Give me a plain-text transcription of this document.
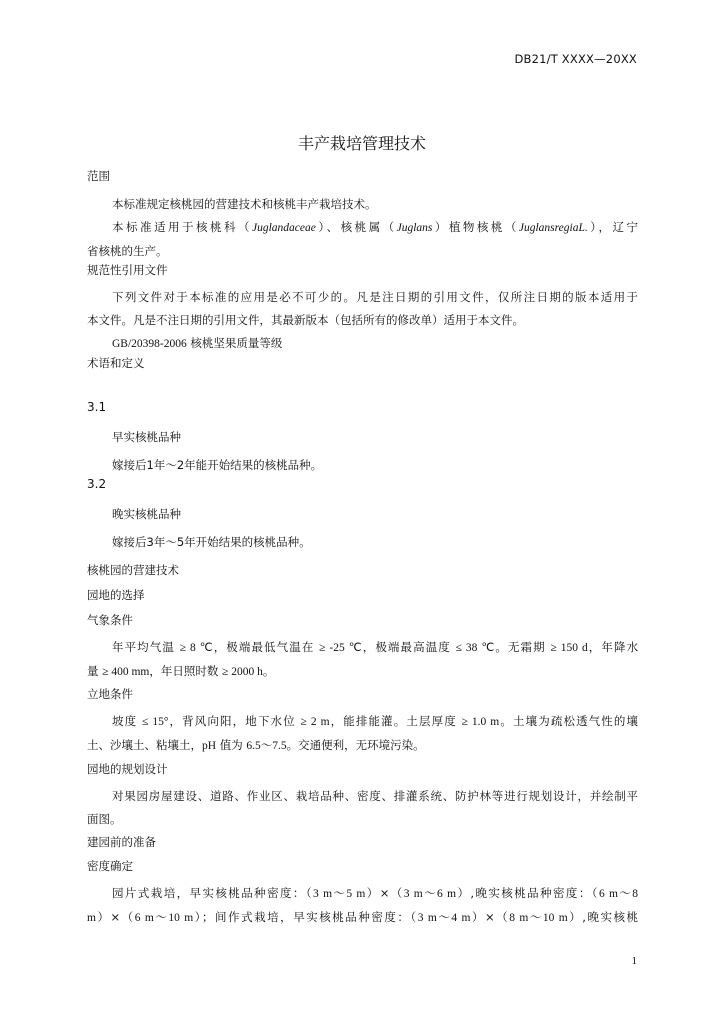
DB21/T XXXX—20XX
丰产栽培管理技术
范围
本标准规定核桃园的营建技术和核桃丰产栽培技术。
本标准适用于核桃科（Juglandaceae）、核桃属（Juglans）植物核桃（JuglansregiaL.），辽宁
省核桃的生产。
规范性引用文件
下列文件对于本标准的应用是必不可少的。凡是注日期的引用文件，仅所注日期的版本适用于
本文件。凡是不注日期的引用文件，其最新版本（包括所有的修改单）适用于本文件。
GB/20398-2006 核桃坚果质量等级
术语和定义
3.1
早实核桃品种
嫁接后1年～2年能开始结果的核桃品种。
3.2
晚实核桃品种
嫁接后3年～5年开始结果的核桃品种。
核桃园的营建技术
园地的选择
气象条件
年平均气温 ≥ 8 ℃，极端最低气温在 ≥ -25 ℃，极端最高温度 ≤ 38 ℃。无霜期 ≥ 150 d，年降水
量 ≥ 400 mm，年日照时数 ≥ 2000 h。
立地条件
坡度 ≤ 15°，背风向阳，地下水位 ≥ 2 m，能排能灌。土层厚度 ≥ 1.0 m。土壤为疏松透气性的壤
土、沙壤土、粘壤土，pH 值为 6.5～7.5。交通便利，无环境污染。
园地的规划设计
对果园房屋建设、道路、作业区、栽培品种、密度、排灌系统、防护林等进行规划设计，并绘制平
面图。
建园前的准备
密度确定
园片式栽培，早实核桃品种密度：（3 m～5 m）×（3 m～6 m）,晚实核桃品种密度：（6 m～8
m）×（6 m～10 m）；间作式栽培，早实核桃品种密度：（3 m～4 m）×（8 m～10 m）,晚实核桃
1
